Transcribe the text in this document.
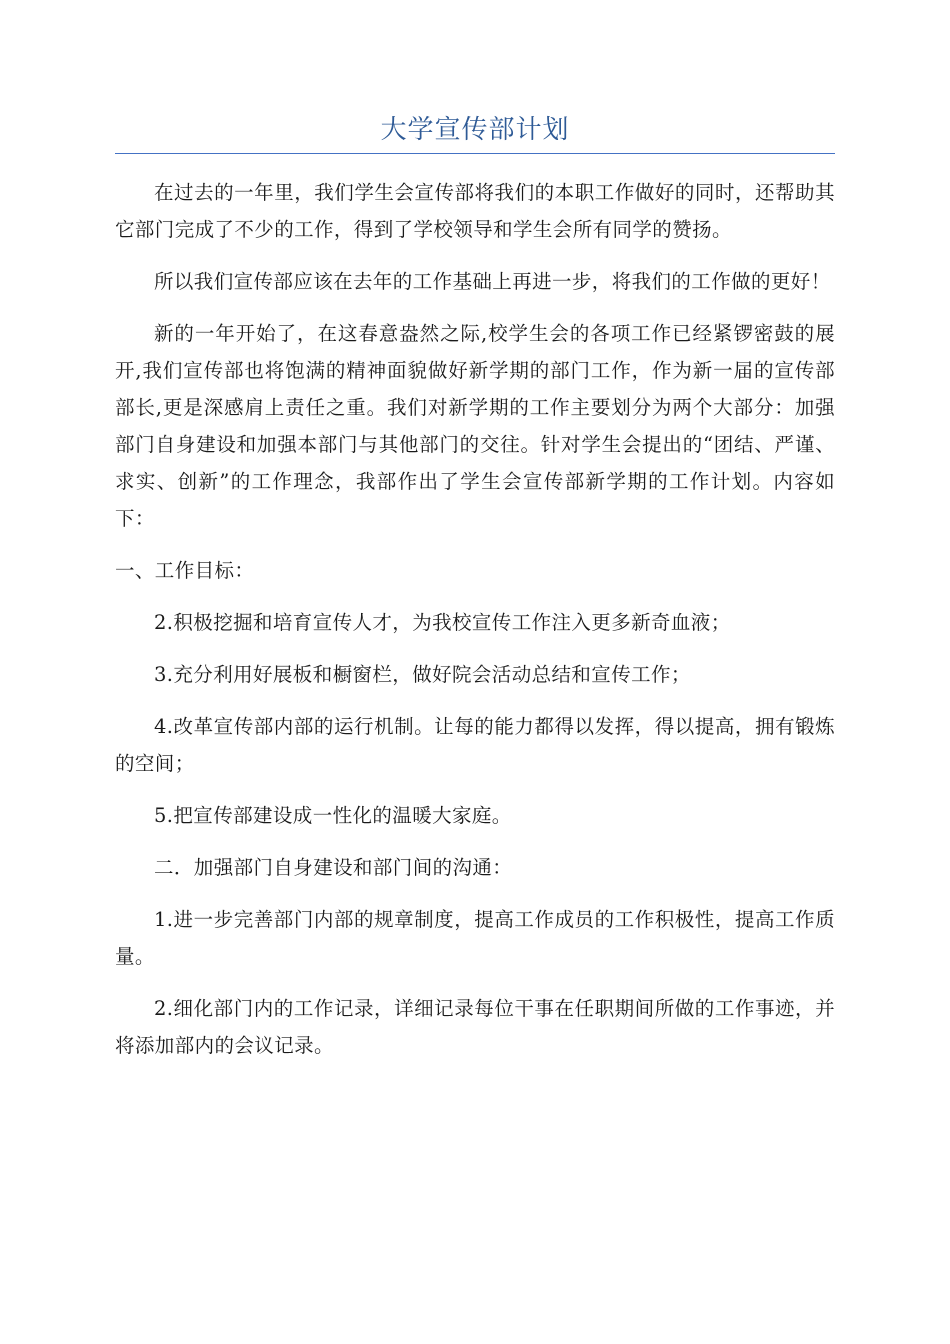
大学宣传部计划

在过去的一年里，我们学生会宣传部将我们的本职工作做好的同时，还帮助其它部门完成了不少的工作，得到了学校领导和学生会所有同学的赞扬。

所以我们宣传部应该在去年的工作基础上再进一步，将我们的工作做的更好！

新的一年开始了，在这春意盎然之际,校学生会的各项工作已经紧锣密鼓的展开,我们宣传部也将饱满的精神面貌做好新学期的部门工作，作为新一届的宣传部部长,更是深感肩上责任之重。我们对新学期的工作主要划分为两个大部分：加强部门自身建设和加强本部门与其他部门的交往。针对学生会提出的“团结、严谨、求实、创新”的工作理念，我部作出了学生会宣传部新学期的工作计划。内容如下：

一、工作目标：

2.积极挖掘和培育宣传人才，为我校宣传工作注入更多新奇血液；

3.充分利用好展板和橱窗栏，做好院会活动总结和宣传工作；

4.改革宣传部内部的运行机制。让每的能力都得以发挥，得以提高，拥有锻炼的空间；

5.把宣传部建设成一性化的温暖大家庭。

二．加强部门自身建设和部门间的沟通：

1.进一步完善部门内部的规章制度，提高工作成员的工作积极性，提高工作质量。

2.细化部门内的工作记录，详细记录每位干事在任职期间所做的工作事迹，并将添加部内的会议记录。
